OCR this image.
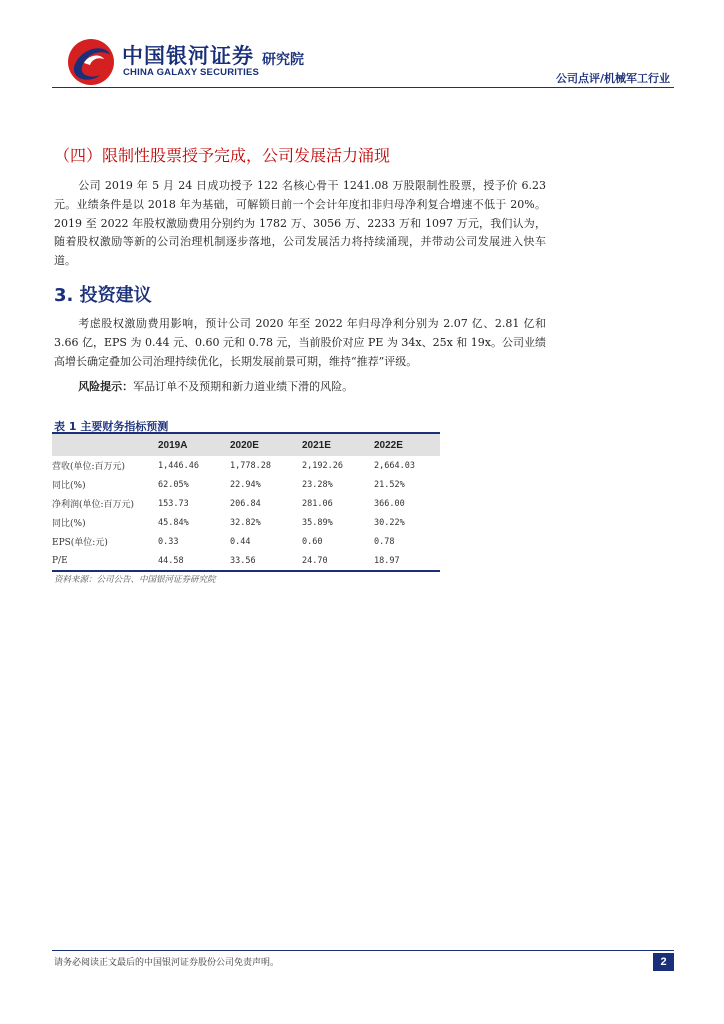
中国银河证券
CHINA GALAXY SECURITIES
研究院
公司点评/机械军工行业
（四）限制性股票授予完成，公司发展活力涌现
公司 2019 年 5 月 24 日成功授予 122 名核心骨干 1241.08 万股限制性股票，授予价 6.23 元。业绩条件是以 2018 年为基础，可解锁日前一个会计年度扣非归母净利复合增速不低于 20%。2019 至 2022 年股权激励费用分别约为 1782 万、3056 万、2233 万和 1097 万元，我们认为，随着股权激励等新的公司治理机制逐步落地，公司发展活力将持续涌现，并带动公司发展进入快车道。
3. 投资建议
考虑股权激励费用影响，预计公司 2020 年至 2022 年归母净利分别为 2.07 亿、2.81 亿和 3.66 亿，EPS 为 0.44 元、0.60 元和 0.78 元，当前股价对应 PE 为 34x、25x 和 19x。公司业绩高增长确定叠加公司治理持续优化，长期发展前景可期，维持“推荐”评级。
风险提示：军品订单不及预期和新力道业绩下滑的风险。
表 1 主要财务指标预测
	2019A	2020E	2021E	2022E
营收(单位:百万元)	1,446.46	1,778.28	2,192.26	2,664.03
同比(%)	62.05%	22.94%	23.28%	21.52%
净利润(单位:百万元)	153.73	206.84	281.06	366.00
同比(%)	45.84%	32.82%	35.89%	30.22%
EPS(单位:元)	0.33	0.44	0.60	0.78
P/E	44.58	33.56	24.70	18.97
资料来源：公司公告、中国银河证券研究院
请务必阅读正文最后的中国银河证券股份公司免责声明。	2
